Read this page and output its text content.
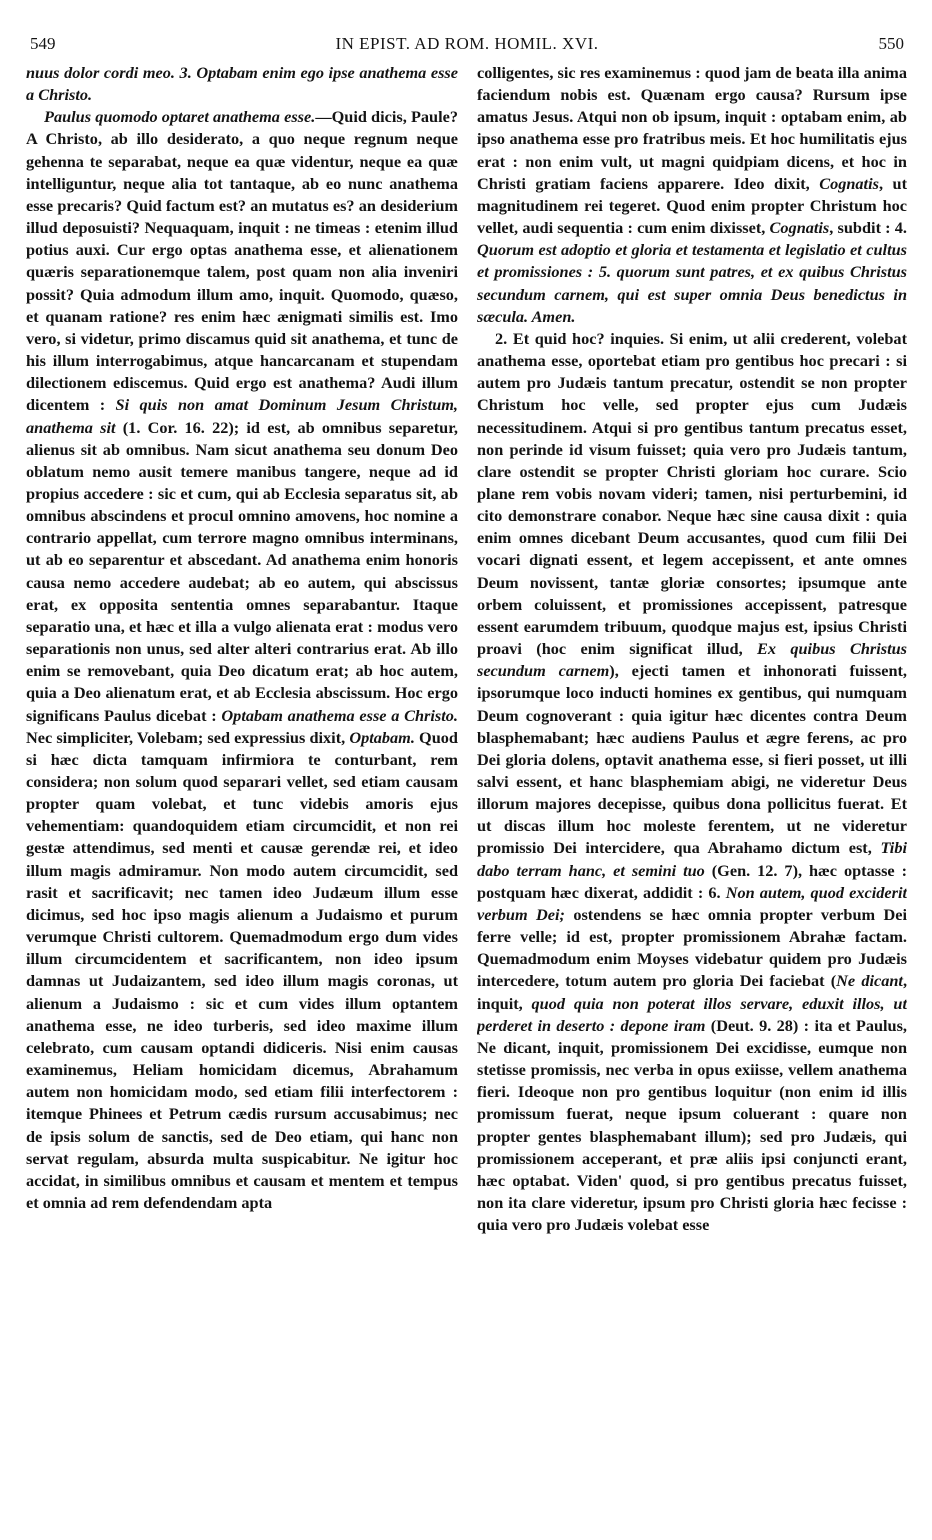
549	IN EPIST. AD ROM. HOMIL. XVI.	550

nuus dolor cordi meo. 3. Optabam enim ego ipse anathema esse a Christo.

Paulus quomodo optaret anathema esse.—Quid dicis, Paule? A Christo, ab illo desiderato, a quo neque regnum neque gehenna te separabat, neque ea quæ videntur, neque ea quæ intelliguntur, neque alia tot tantaque, ab eo nunc anathema esse precaris? Quid factum est? an mutatus es? an desiderium illud deposuisti? Nequaquam, inquit : ne timeas : etenim illud potius auxi. Cur ergo optas anathema esse, et alienationem quæris separationemque talem, post quam non alia inveniri possit? Quia admodum illum amo, inquit. Quomodo, quæso, et quanam ratione? res enim hæc ænigmati similis est. Imo vero, si videtur, primo discamus quid sit anathema, et tunc de his illum interrogabimus, atque hancarcanam et stupendam dilectionem ediscemus. Quid ergo est anathema? Audi illum dicentem : Si quis non amat Dominum Jesum Christum, anathema sit (1. Cor. 16. 22); id est, ab omnibus separetur, alienus sit ab omnibus. Nam sicut anathema seu donum Deo oblatum nemo ausit temere manibus tangere, neque ad id propius accedere : sic et cum, qui ab Ecclesia separatus sit, ab omnibus abscindens et procul omnino amovens, hoc nomine a contrario appellat, cum terrore magno omnibus interminans, ut ab eo separentur et abscedant. Ad anathema enim honoris causa nemo accedere audebat; ab eo autem, qui abscissus erat, ex opposita sententia omnes separabantur. Itaque separatio una, et hæc et illa a vulgo alienata erat : modus vero separationis non unus, sed alter alteri contrarius erat. Ab illo enim se removebant, quia Deo dicatum erat; ab hoc autem, quia a Deo alienatum erat, et ab Ecclesia abscissum. Hoc ergo significans Paulus dicebat : Optabam anathema esse a Christo. Nec simpliciter, Volebam; sed expressius dixit, Optabam. Quod si hæc dicta tamquam infirmiora te conturbant, rem considera; non solum quod separari vellet, sed etiam causam propter quam volebat, et tunc videbis amoris ejus vehementiam: quandoquidem etiam circumcidit, et non rei gestæ attendimus, sed menti et causæ gerendæ rei, et ideo illum magis admiramur. Non modo autem circumcidit, sed rasit et sacrificavit; nec tamen ideo Judæum illum esse dicimus, sed hoc ipso magis alienum a Judaismo et purum verumque Christi cultorem. Quemadmodum ergo dum vides illum circumcidentem et sacrificantem, non ideo ipsum damnas ut Judaizantem, sed ideo illum magis coronas, ut alienum a Judaismo : sic et cum vides illum optantem anathema esse, ne ideo turberis, sed ideo maxime illum celebrato, cum causam optandi didiceris. Nisi enim causas examinemus, Heliam homicidam dicemus, Abrahamum autem non homicidam modo, sed etiam filii interfectorem : itemque Phinees et Petrum cædis rursum accusabimus; nec de ipsis solum de sanctis, sed de Deo etiam, qui hanc non servat regulam, absurda multa suspicabitur. Ne igitur hoc accidat, in similibus omnibus et causam et mentem et tempus et omnia ad rem defendendam apta

colligentes, sic res examinemus : quod jam de beata illa anima faciendum nobis est. Quænam ergo causa? Rursum ipse amatus Jesus. Atqui non ob ipsum, inquit : optabam enim, ab ipso anathema esse pro fratribus meis. Et hoc humilitatis ejus erat : non enim vult, ut magni quidpiam dicens, et hoc in Christi gratiam faciens apparere. Ideo dixit, Cognatis, ut magnitudinem rei tegeret. Quod enim propter Christum hoc vellet, audi sequentia : cum enim dixisset, Cognatis, subdit : 4. Quorum est adoptio et gloria et testamenta et legislatio et cultus et promissiones : 5. quorum sunt patres, et ex quibus Christus secundum carnem, qui est super omnia Deus benedictus in sæcula. Amen.

2. Et quid hoc? inquies. Si enim, ut alii crederent, volebat anathema esse, oportebat etiam pro gentibus hoc precari : si autem pro Judæis tantum precatur, ostendit se non propter Christum hoc velle, sed propter ejus cum Judæis necessitudinem. Atqui si pro gentibus tantum precatus esset, non perinde id visum fuisset; quia vero pro Judæis tantum, clare ostendit se propter Christi gloriam hoc curare. Scio plane rem vobis novam videri; tamen, nisi perturbemini, id cito demonstrare conabor. Neque hæc sine causa dixit : quia enim omnes dicebant Deum accusantes, quod cum filii Dei vocari dignati essent, et legem accepissent, et ante omnes Deum novissent, tantæ gloriæ consortes; ipsumque ante orbem coluissent, et promissiones accepissent, patresque essent earumdem tribuum, quodque majus est, ipsius Christi proavi (hoc enim significat illud, Ex quibus Christus secundum carnem), ejecti tamen et inhonorati fuissent, ipsorumque loco inducti homines ex gentibus, qui numquam Deum cognoverant : quia igitur hæc dicentes contra Deum blasphemabant; hæc audiens Paulus et ægre ferens, ac pro Dei gloria dolens, optavit anathema esse, si fieri posset, ut illi salvi essent, et hanc blasphemiam abigi, ne videretur Deus illorum majores decepisse, quibus dona pollicitus fuerat. Et ut discas illum hoc moleste ferentem, ut ne videretur promissio Dei intercidere, qua Abrahamo dictum est, Tibi dabo terram hanc, et semini tuo (Gen. 12. 7), hæc optasse : postquam hæc dixerat, addidit : 6. Non autem, quod exciderit verbum Dei; ostendens se hæc omnia propter verbum Dei ferre velle; id est, propter promissionem Abrahæ factam. Quemadmodum enim Moyses videbatur quidem pro Judæis intercedere, totum autem pro gloria Dei faciebat (Ne dicant, inquit, quod quia non poterat illos servare, eduxit illos, ut perderet in deserto : depone iram (Deut. 9. 28) : ita et Paulus, Ne dicant, inquit, promissionem Dei excidisse, eumque non stetisse promissis, nec verba in opus exiisse, vellem anathema fieri. Ideoque non pro gentibus loquitur (non enim id illis promissum fuerat, neque ipsum coluerant : quare non propter gentes blasphemabant illum); sed pro Judæis, qui promissionem acceperant, et præ aliis ipsi conjuncti erant, hæc optabat. Viden' quod, si pro gentibus precatus fuisset, non ita clare videretur, ipsum pro Christi gloria hæc fecisse : quia vero pro Judæis volebat esse
